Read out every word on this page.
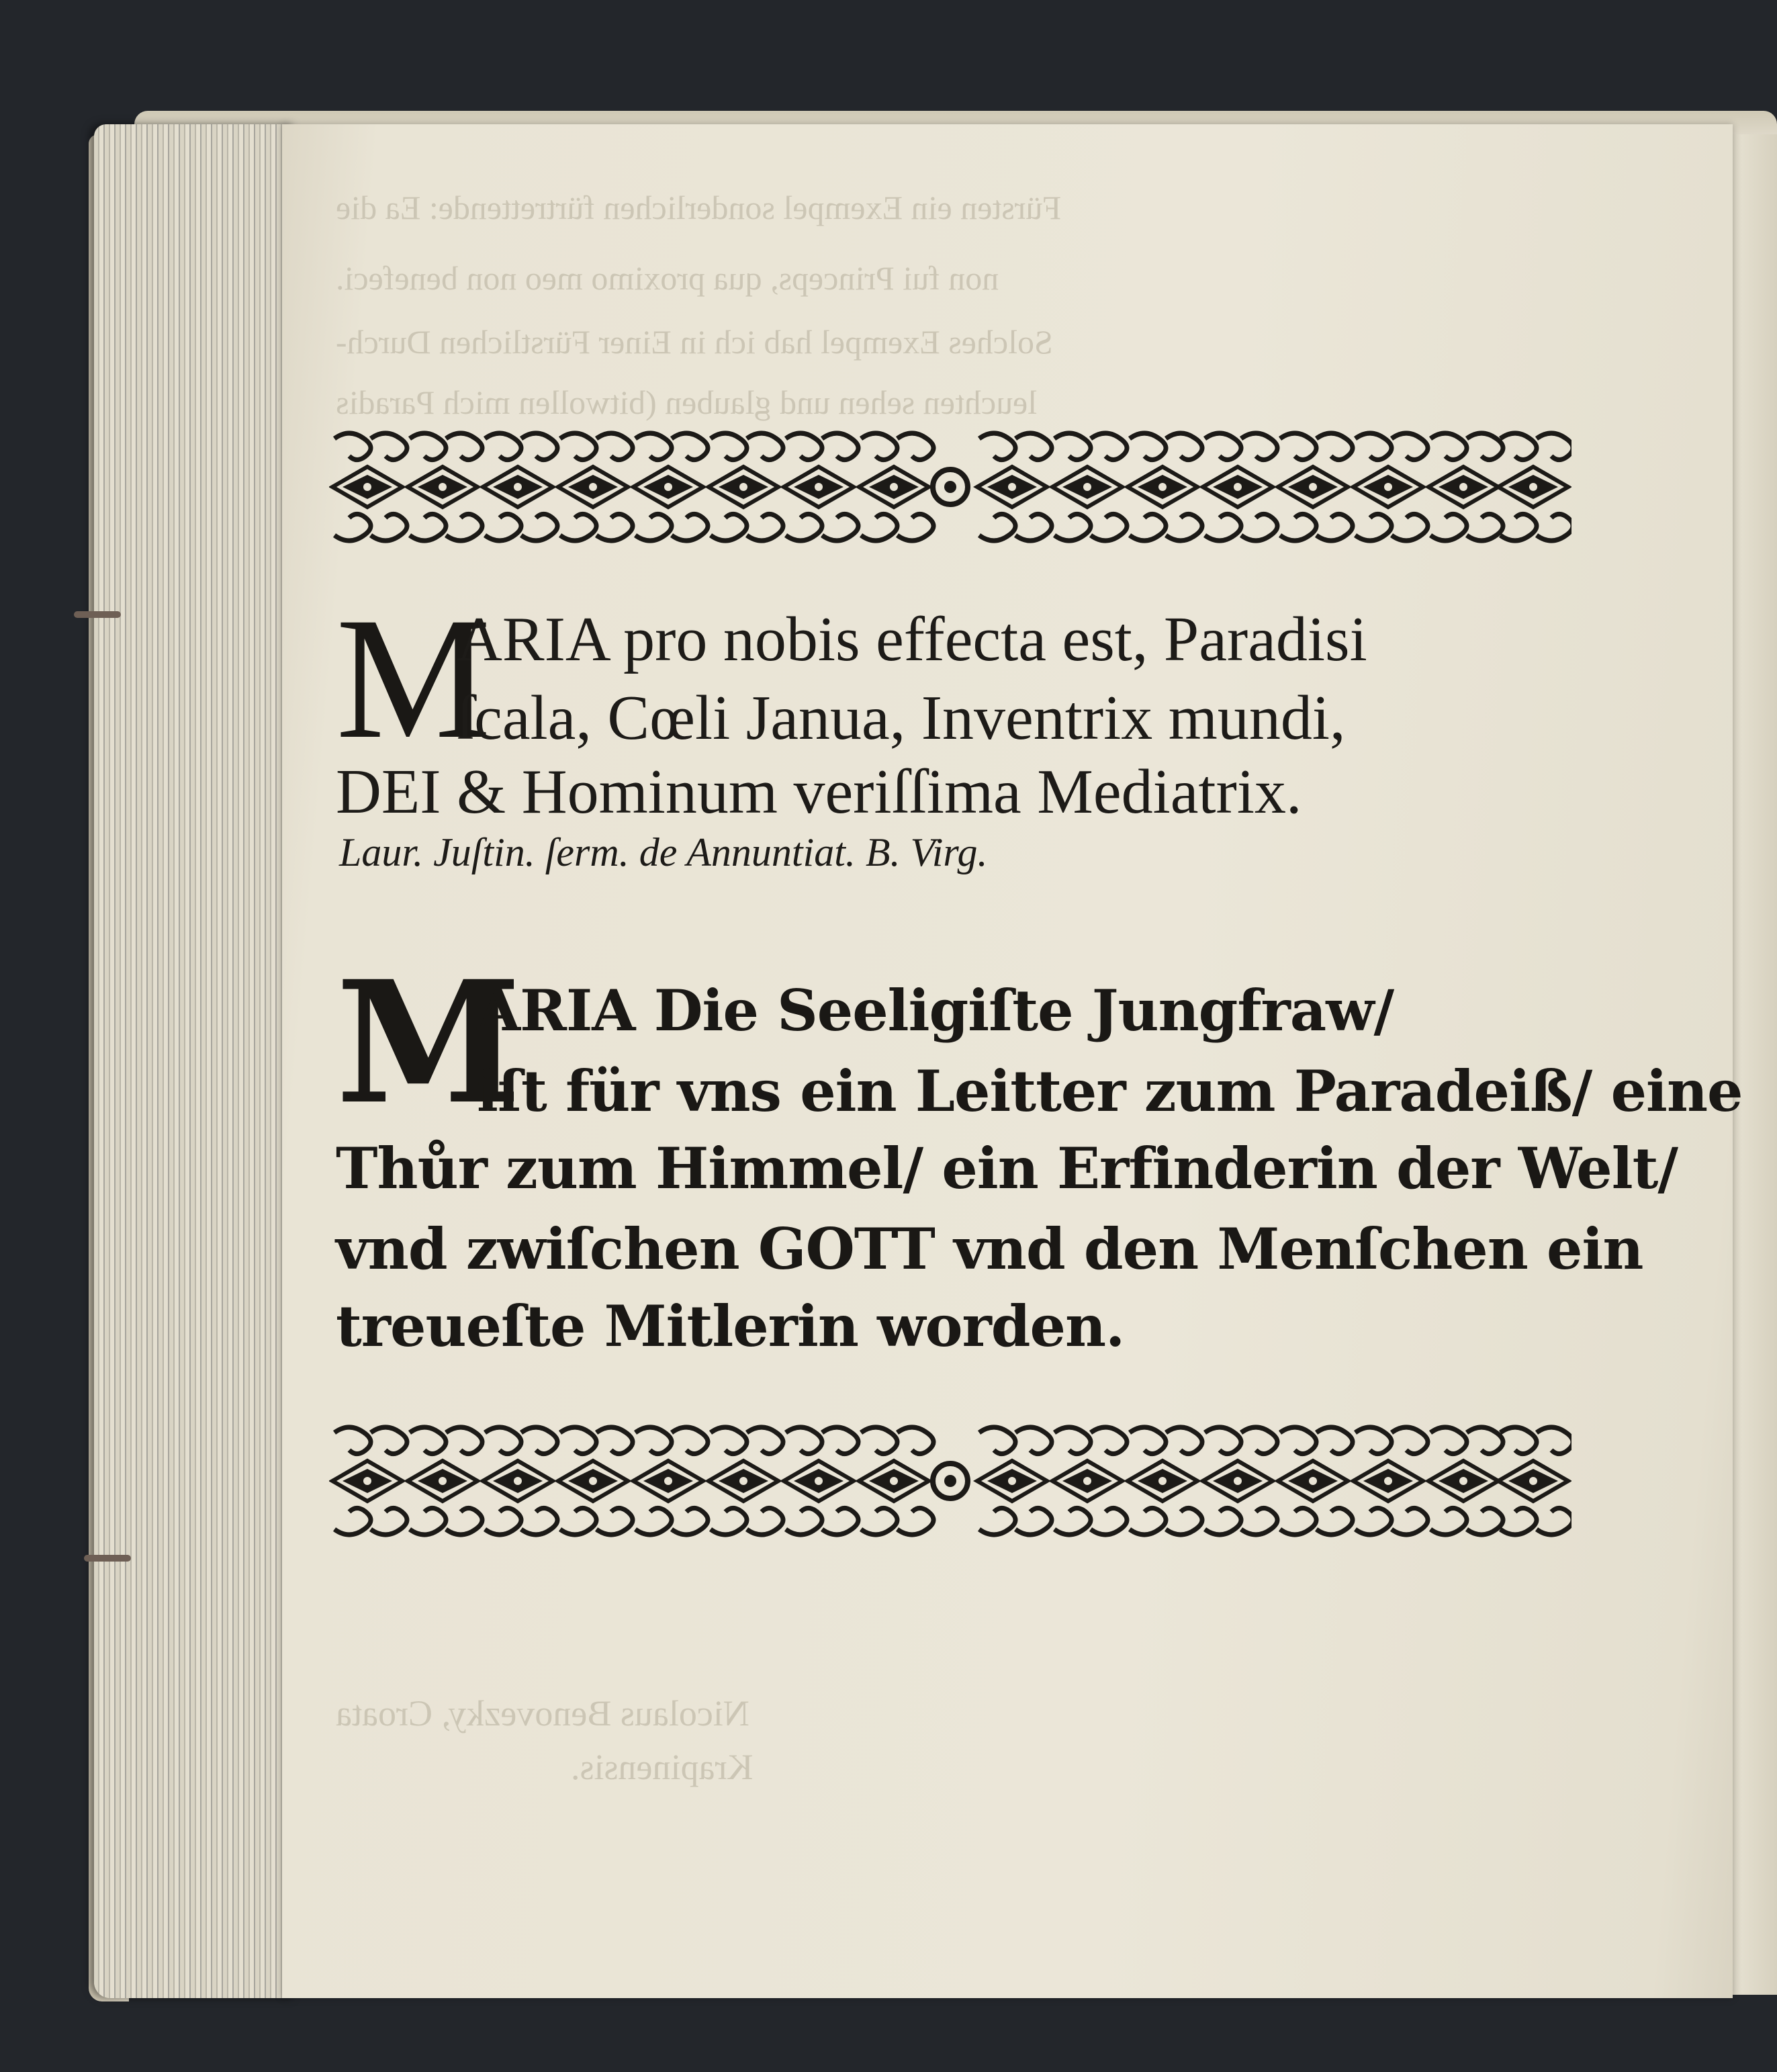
Fürsten ein Exempel sonderlichen fürtrettende: Ea die
non fui Princeps, qua proximo meo non benefeci.
Solches Exempel hab ich in Einer Fürstlichen Durch-
leuchten sehen und glauben (bitwollen mich Paradis
Nicolaus Benovezky, Croata
Krapinensis.
M
ARIA pro nobis effecta est, Paradisi
ſcala, Cœli Janua, Inventrix mundi,
DEI & Hominum veriſſima Mediatrix.
Laur. Juſtin. ſerm. de Annuntiat. B. Virg.
M
ARIA Die Seeligiſte Jungfraw/
iſt für vns ein Leitter zum Paradeiß/ eine
Thůr zum Himmel/ ein Erfinderin der Welt/
vnd zwiſchen GOTT vnd den Menſchen ein
treueſte Mitlerin worden.
